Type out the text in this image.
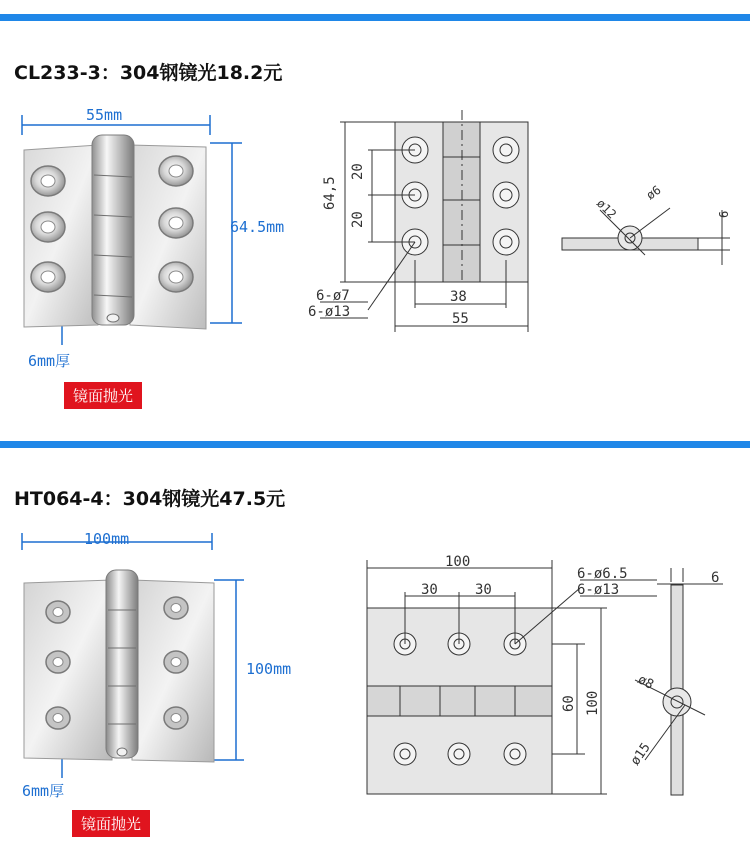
CL233-3：304钢镜光18.2元
55mm
64.5mm
6mm厚
镜面抛光
64,5
20
20
6-ø7
6-ø13
38
55
ø12
ø6
6
HT064-4：304钢镜光47.5元
100mm
100mm
6mm厚
镜面抛光
100
30	30
6-ø6.5
6-ø13
6
60 100
ø8
ø15
